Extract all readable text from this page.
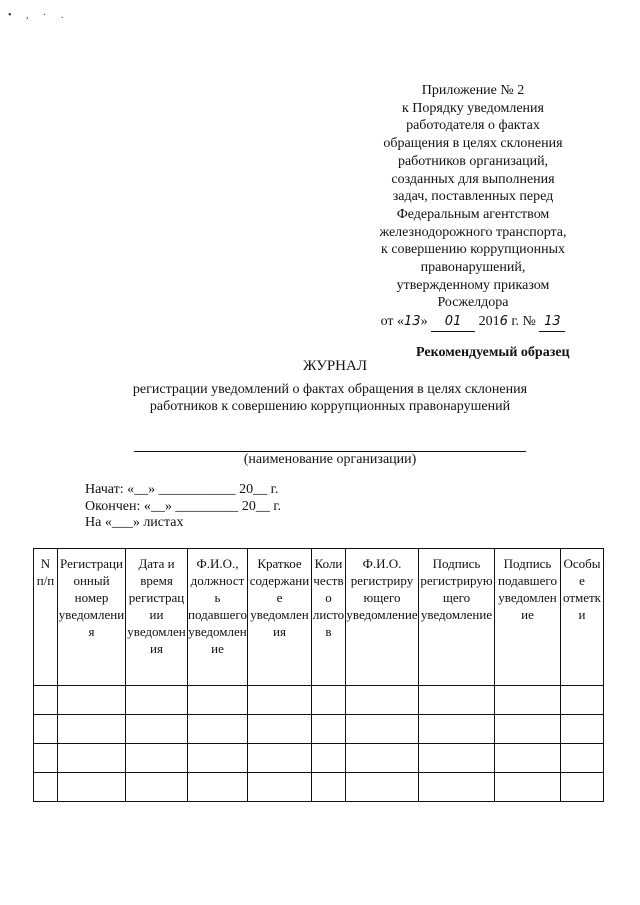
• , · .
Приложение № 2
к Порядку уведомления
работодателя о фактах
обращения в целях склонения
работников организаций,
созданных для выполнения
задач, поставленных перед
Федеральным агентством
железнодорожного транспорта,
к совершению коррупционных
правонарушений,
утвержденному приказом
Росжелдора
от «13» 01 2016 г. № 13
Рекомендуемый образец
ЖУРНАЛ
регистрации уведомлений о фактах обращения в целях склонения
работников к совершению коррупционных правонарушений
(наименование организации)
Начат: «__» ___________ 20__ г.
Окончен: «__» _________ 20__ г.
На «___» листах
N п/п	Регистрационный номер уведомления	Дата и время регистрации уведомления	Ф.И.О., должность подавшего уведомление	Краткое содержание уведомления	Количество листов	Ф.И.О. регистрирующего уведомление	Подпись регистрирующего уведомление	Подпись подавшего уведомление	Особые отметки
